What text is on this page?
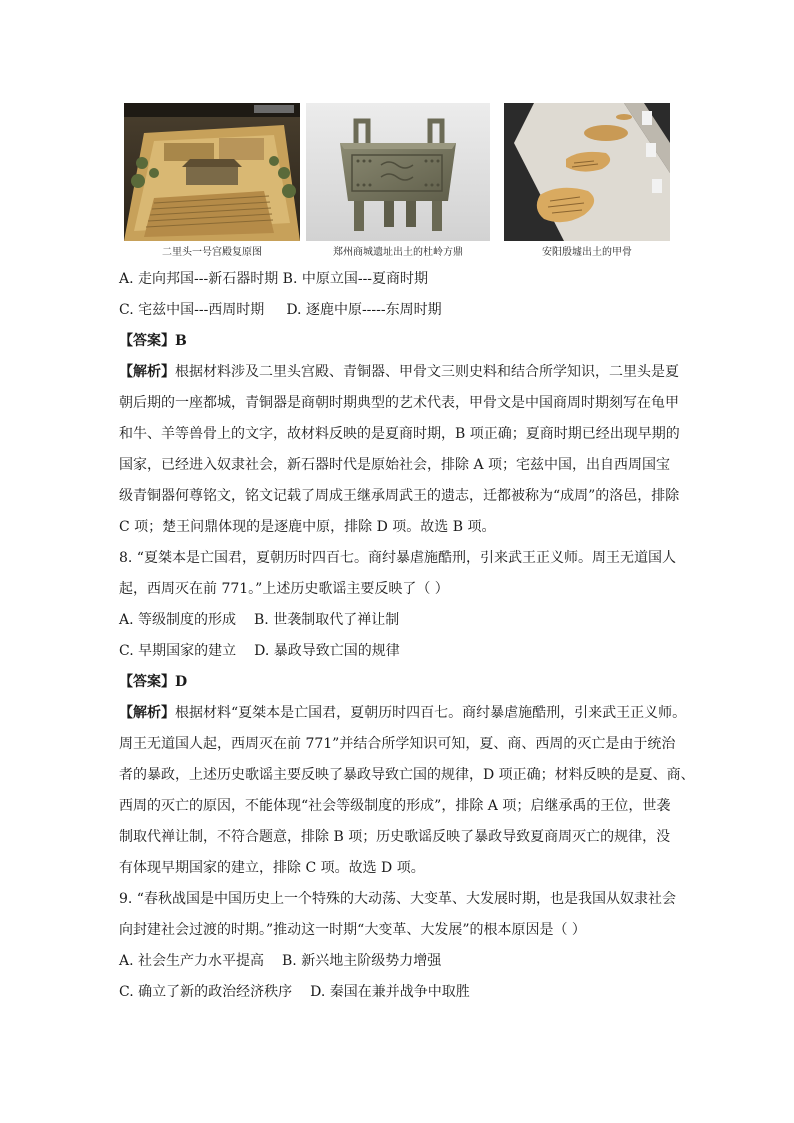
二里头一号宫殿复原图	郑州商城遗址出土的杜岭方鼎	安阳殷墟出土的甲骨
A. 走向邦国---新石器时期 B. 中原立国---夏商时期
C. 宅兹中国---西周时期 D. 逐鹿中原-----东周时期
【答案】B
【解析】根据材料涉及二里头宫殿、青铜器、甲骨文三则史料和结合所学知识，二里头是夏
朝后期的一座都城，青铜器是商朝时期典型的艺术代表，甲骨文是中国商周时期刻写在龟甲
和牛、羊等兽骨上的文字，故材料反映的是夏商时期，B 项正确；夏商时期已经出现早期的
国家，已经进入奴隶社会，新石器时代是原始社会，排除 A 项；宅兹中国，出自西周国宝
级青铜器何尊铭文，铭文记载了周成王继承周武王的遗志，迁都被称为“成周”的洛邑，排除
C 项；楚王问鼎体现的是逐鹿中原，排除 D 项。故选 B 项。
8. “夏桀本是亡国君，夏朝历时四百七。商纣暴虐施酷刑，引来武王正义师。周王无道国人
起，西周灭在前 771。”上述历史歌谣主要反映了（ ）
A. 等级制度的形成 B. 世袭制取代了禅让制
C. 早期国家的建立 D. 暴政导致亡国的规律
【答案】D
【解析】根据材料“夏桀本是亡国君，夏朝历时四百七。商纣暴虐施酷刑，引来武王正义师。
周王无道国人起，西周灭在前 771”并结合所学知识可知，夏、商、西周的灭亡是由于统治
者的暴政，上述历史歌谣主要反映了暴政导致亡国的规律，D 项正确；材料反映的是夏、商、
西周的灭亡的原因，不能体现“社会等级制度的形成”，排除 A 项；启继承禹的王位，世袭
制取代禅让制，不符合题意，排除 B 项；历史歌谣反映了暴政导致夏商周灭亡的规律，没
有体现早期国家的建立，排除 C 项。故选 D 项。
9. “春秋战国是中国历史上一个特殊的大动荡、大变革、大发展时期，也是我国从奴隶社会
向封建社会过渡的时期。”推动这一时期“大变革、大发展”的根本原因是（ ）
A. 社会生产力水平提高 B. 新兴地主阶级势力增强
C. 确立了新的政治经济秩序 D. 秦国在兼并战争中取胜
